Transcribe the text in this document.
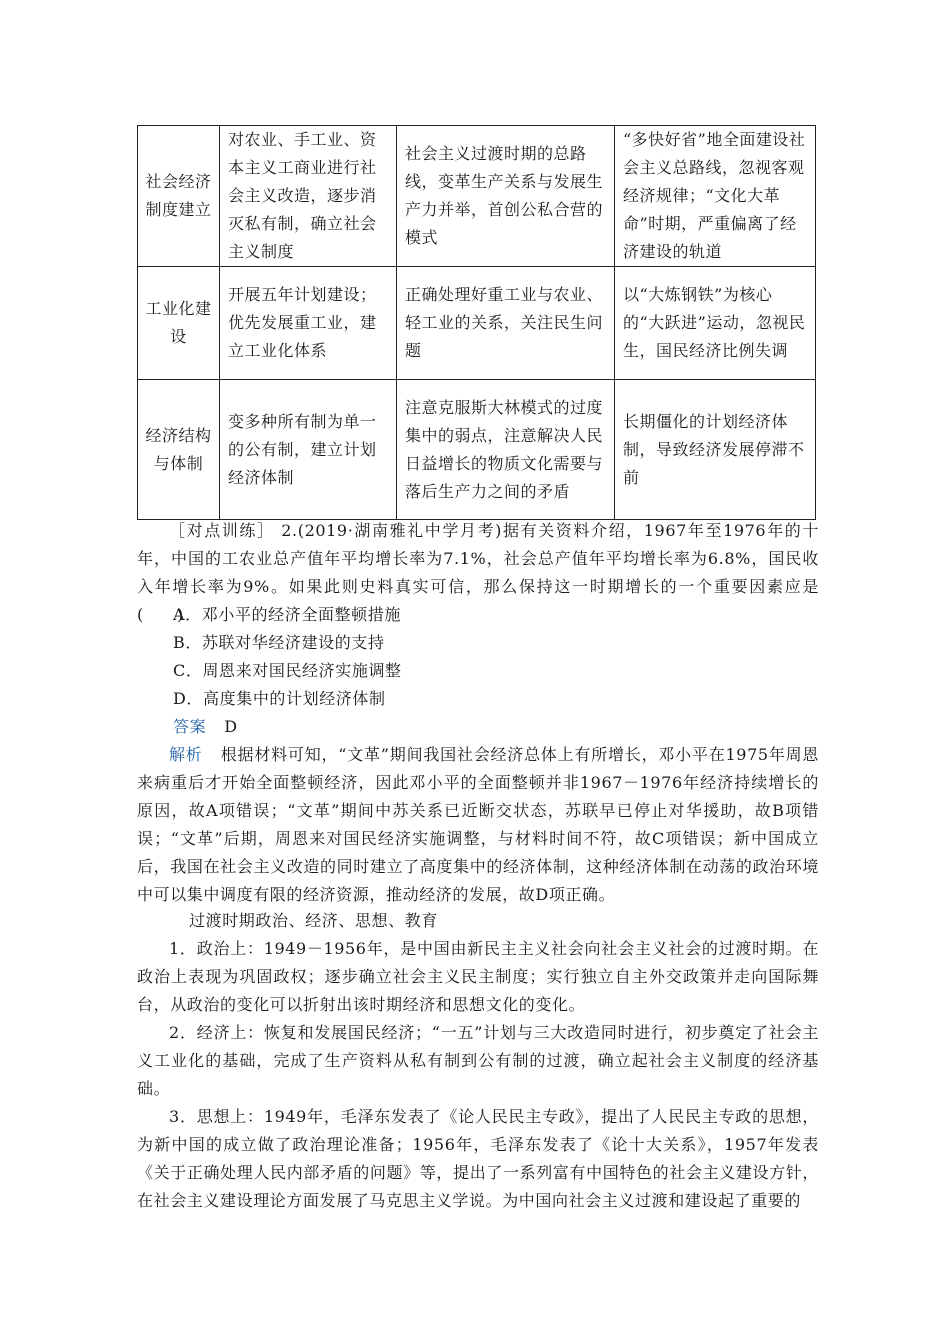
社会经济制度建立	对农业、手工业、资本主义工商业进行社会主义改造，逐步消灭私有制，确立社会主义制度	社会主义过渡时期的总路线，变革生产关系与发展生产力并举，首创公私合营的模式	“多快好省”地全面建设社会主义总路线，忽视客观经济规律；“文化大革命”时期，严重偏离了经济建设的轨道
工业化建设	开展五年计划建设；优先发展重工业，建立工业化体系	正确处理好重工业与农业、轻工业的关系，关注民生问题	以“大炼钢铁”为核心的“大跃进”运动，忽视民生，国民经济比例失调
经济结构与体制	变多种所有制为单一的公有制，建立计划经济体制	注意克服斯大林模式的过度集中的弱点，注意解决人民日益增长的物质文化需要与落后生产力之间的矛盾	长期僵化的计划经济体制，导致经济发展停滞不前
［对点训练］ 2.(2019·湖南雅礼中学月考)据有关资料介绍，1967年至1976年的十年，中国的工农业总产值年平均增长率为7.1%，社会总产值年平均增长率为6.8%，国民收入年增长率为9%。如果此则史料真实可信，那么保持这一时期增长的一个重要因素应是(　　)
A．邓小平的经济全面整顿措施
B．苏联对华经济建设的支持
C．周恩来对国民经济实施调整
D．高度集中的计划经济体制
答案 D
解析 根据材料可知，“文革”期间我国社会经济总体上有所增长，邓小平在1975年周恩来病重后才开始全面整顿经济，因此邓小平的全面整顿并非1967－1976年经济持续增长的原因，故A项错误；“文革”期间中苏关系已近断交状态，苏联早已停止对华援助，故B项错误；“文革”后期，周恩来对国民经济实施调整，与材料时间不符，故C项错误；新中国成立后，我国在社会主义改造的同时建立了高度集中的经济体制，这种经济体制在动荡的政治环境中可以集中调度有限的经济资源，推动经济的发展，故D项正确。
过渡时期政治、经济、思想、教育
1．政治上：1949－1956年，是中国由新民主主义社会向社会主义社会的过渡时期。在政治上表现为巩固政权；逐步确立社会主义民主制度；实行独立自主外交政策并走向国际舞台，从政治的变化可以折射出该时期经济和思想文化的变化。
2．经济上：恢复和发展国民经济；“一五”计划与三大改造同时进行，初步奠定了社会主义工业化的基础，完成了生产资料从私有制到公有制的过渡，确立起社会主义制度的经济基础。
3．思想上：1949年，毛泽东发表了《论人民民主专政》，提出了人民民主专政的思想，为新中国的成立做了政治理论准备；1956年，毛泽东发表了《论十大关系》，1957年发表《关于正确处理人民内部矛盾的问题》等，提出了一系列富有中国特色的社会主义建设方针，在社会主义建设理论方面发展了马克思主义学说。为中国向社会主义过渡和建设起了重要的
